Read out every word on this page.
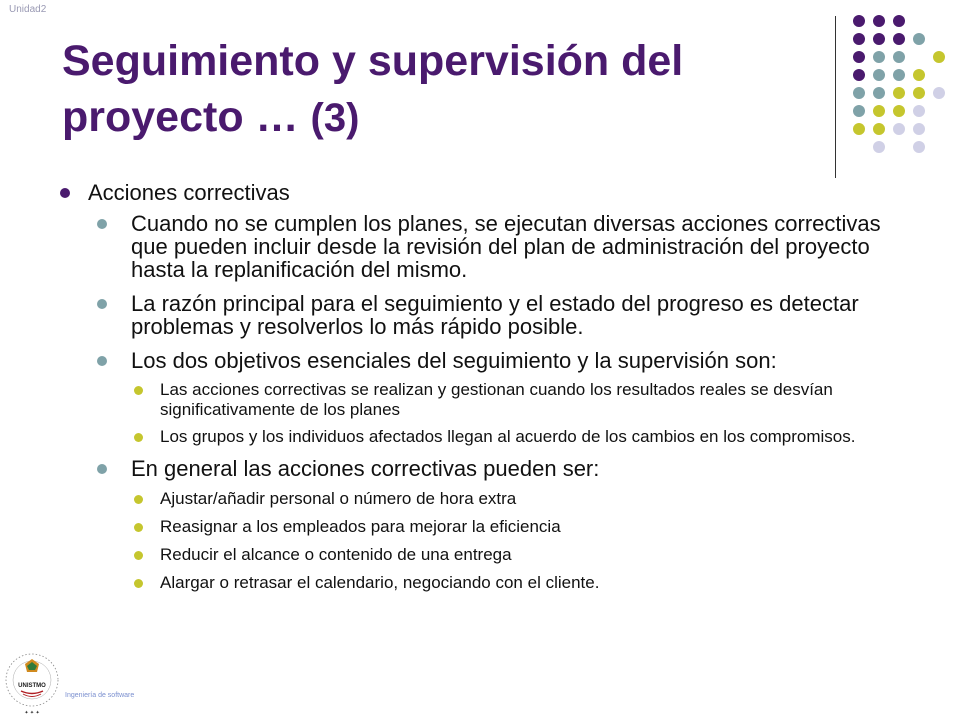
Unidad2
Seguimiento y supervisión del proyecto … (3)
Acciones correctivas
Cuando no se cumplen los planes, se ejecutan diversas acciones correctivas que pueden incluir desde la revisión del plan de administración del proyecto hasta la replanificación del mismo.
La razón principal para el seguimiento y el estado del progreso es detectar problemas y resolverlos lo más rápido posible.
Los dos objetivos esenciales del seguimiento y la supervisión son:
Las acciones correctivas se realizan y gestionan cuando los resultados reales se desvían significativamente de los planes
Los grupos y los individuos afectados llegan al acuerdo de los cambios en los compromisos.
En general las acciones correctivas pueden ser:
Ajustar/añadir personal o número de hora extra
Reasignar a los empleados para mejorar la eficiencia
Reducir el alcance o contenido de una entrega
Alargar o retrasar el calendario, negociando con el cliente.
UNISTMO
✦ ✦ ✦
Ingeniería de software
